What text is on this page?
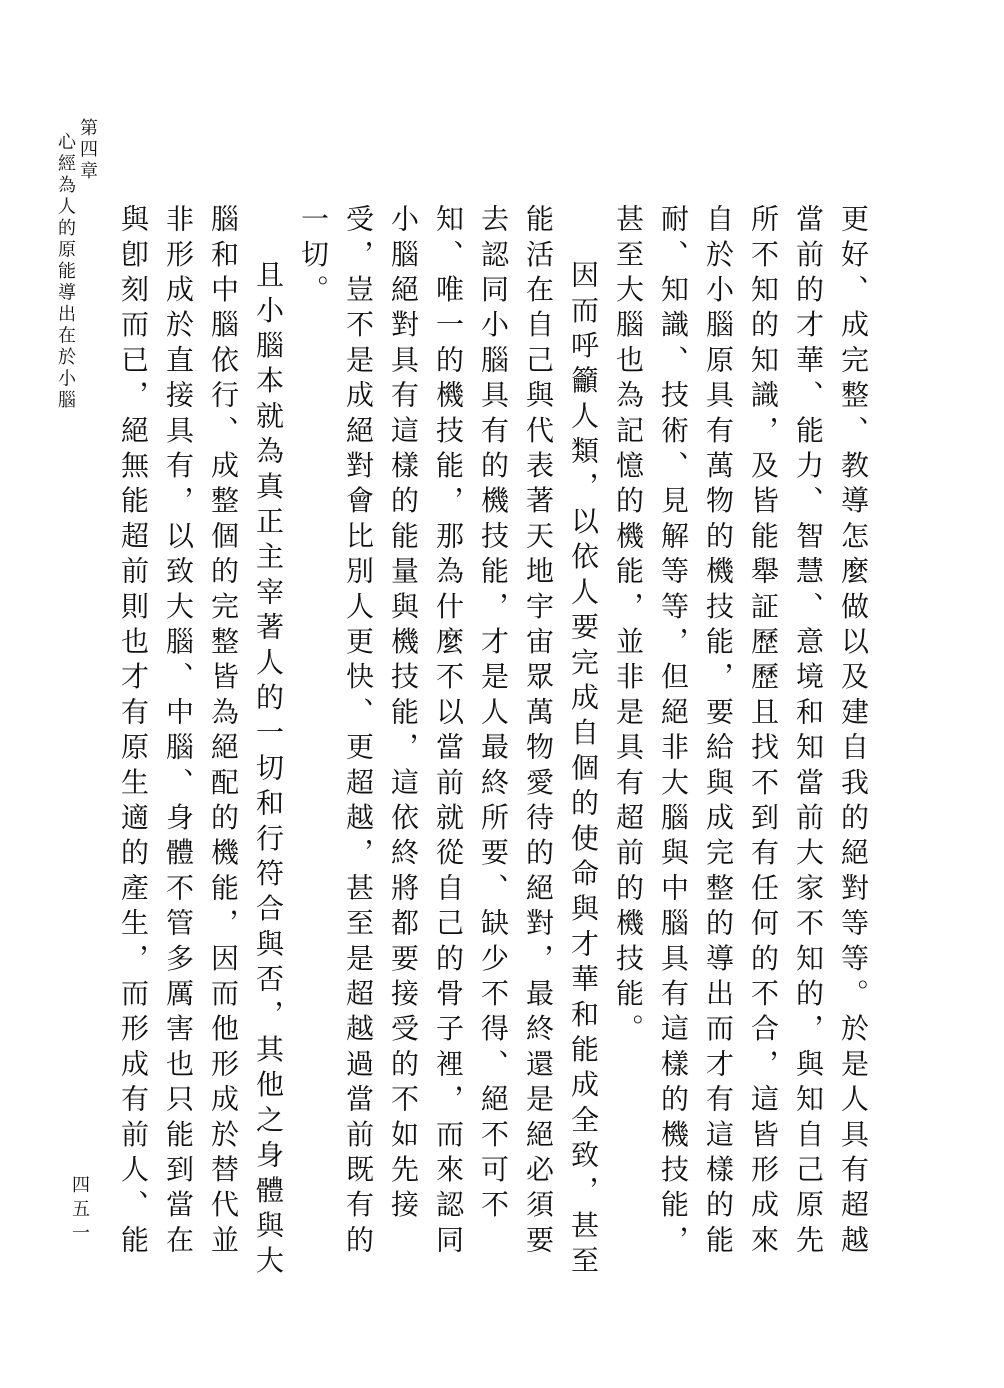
第四章
心經為人的原能導出在於小腦	更好、成完整、教導怎麼做以及建自我的絕對等等。於是人具有超越當前的才華、能力、智慧、意境和知當前大家不知的，與知自己原先所不知的知識，及皆能舉証歷歷且找不到有任何的不合，這皆形成來自於小腦原具有萬物的機技能，要給與成完整的導出而才有這樣的能耐、知識、技術、見解等等，但絕非大腦與中腦具有這樣的機技能，甚至大腦也為記憶的機能，並非是具有超前的機技能。

因而呼籲人類，以依人要完成自個的使命與才華和能成全致，甚至能活在自己與代表著天地宇宙眾萬物愛待的絕對，最終還是絕必須要去認同小腦具有的機技能，才是人最終所要、缺少不得、絕不可不知、唯一的機技能，那為什麼不以當前就從自己的骨子裡，而來認同小腦絕對具有這樣的能量與機技能，這依終將都要接受的不如先接受，豈不是成絕對會比別人更快、更超越，甚至是超越過當前既有的一切。

且小腦本就為真正主宰著人的一切和行符合與否，其他之身體與大腦和中腦依行、成整個的完整皆為絕配的機能，因而他形成於替代並非形成於直接具有，以致大腦、中腦、身體不管多厲害也只能到當在與卽刻而已，絕無能超前則也才有原生適的產生，而形成有前人、能

四五一
